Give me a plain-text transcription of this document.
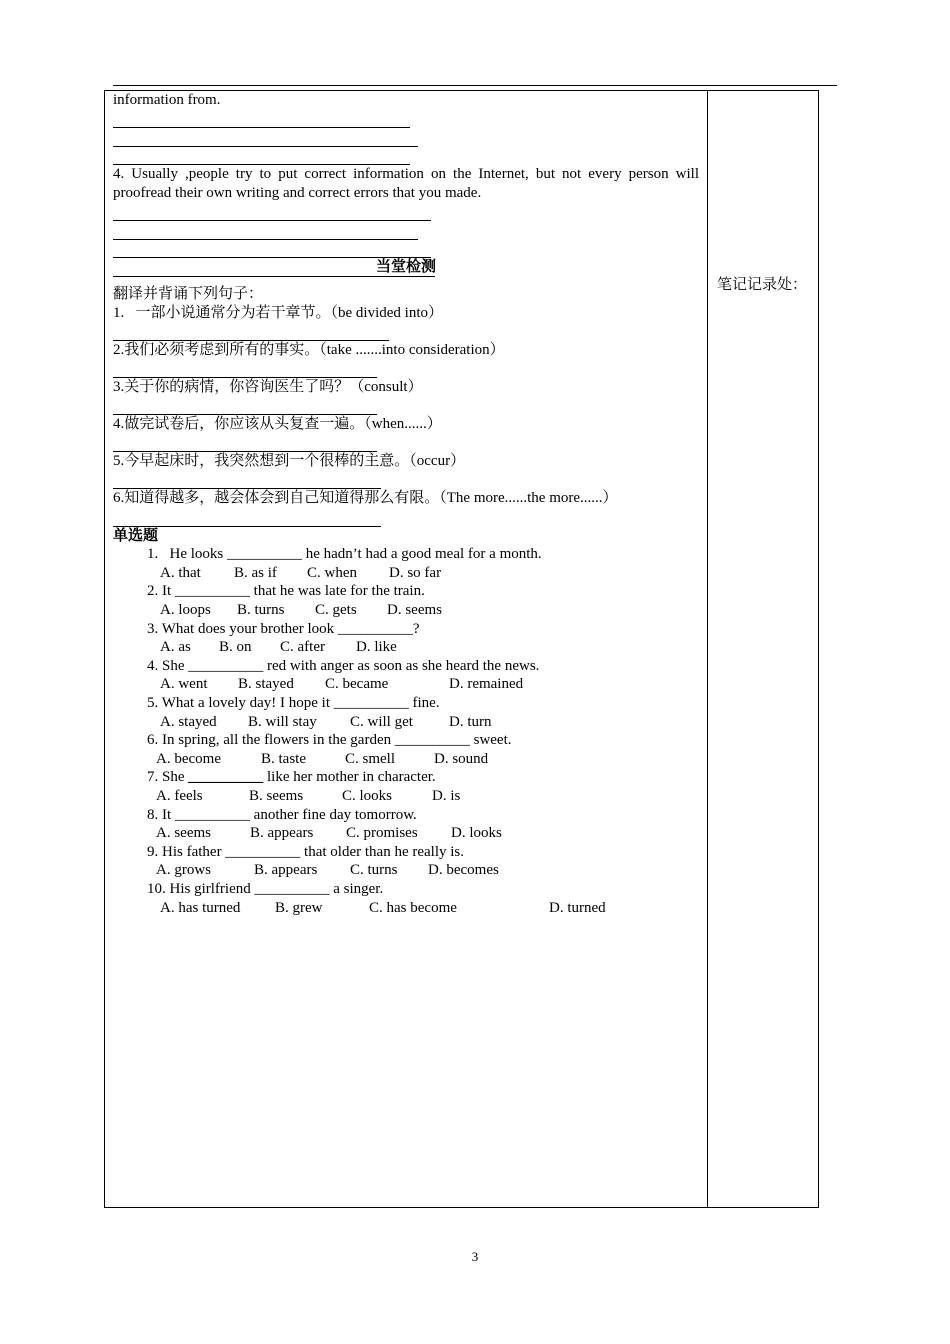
笔记记录处：
information from.
4. Usually ,people try to put correct information on the Internet, but not every person will proofread their own writing and correct errors that you made.
当堂检测
翻译并背诵下列句子：
1.   一部小说通常分为若干章节。（be divided into）
2.我们必须考虑到所有的事实。（take .......into consideration）
3.关于你的病情，你咨询医生了吗？（consult）
4.做完试卷后，你应该从头复查一遍。（when......）
5.今早起床时，我突然想到一个很棒的主意。（occur）
6.知道得越多，越会体会到自己知道得那么有限。（The more......the more......）
单选题
1.   He looks __________ he hadn’t had a good meal for a month.
A. that B. as if C. when D. so far
2. It __________ that he was late for the train.
A. loops B. turns C. gets D. seems
3. What does your brother look __________?
A. as B. on C. after D. like
4. She __________ red with anger as soon as she heard the news.
A. went B. stayed C. became	D. remained
5. What a lovely day! I hope it __________ fine.
A. stayed B. will stay C. will get D. turn
6. In spring, all the flowers in the garden __________ sweet.
A. become	B. taste	C. smell	D. sound
7. She __________ like her mother in character.
A. feels	B. seems	C. looks	D. is
8. It __________ another fine day tomorrow.
A. seems	B. appears C. promises D. looks
9. His father __________ that older than he really is.
A. grows	B. appears C. turns D. becomes
10. His girlfriend __________ a singer.
A. has turned B. grew	C. has become	D. turned
3
